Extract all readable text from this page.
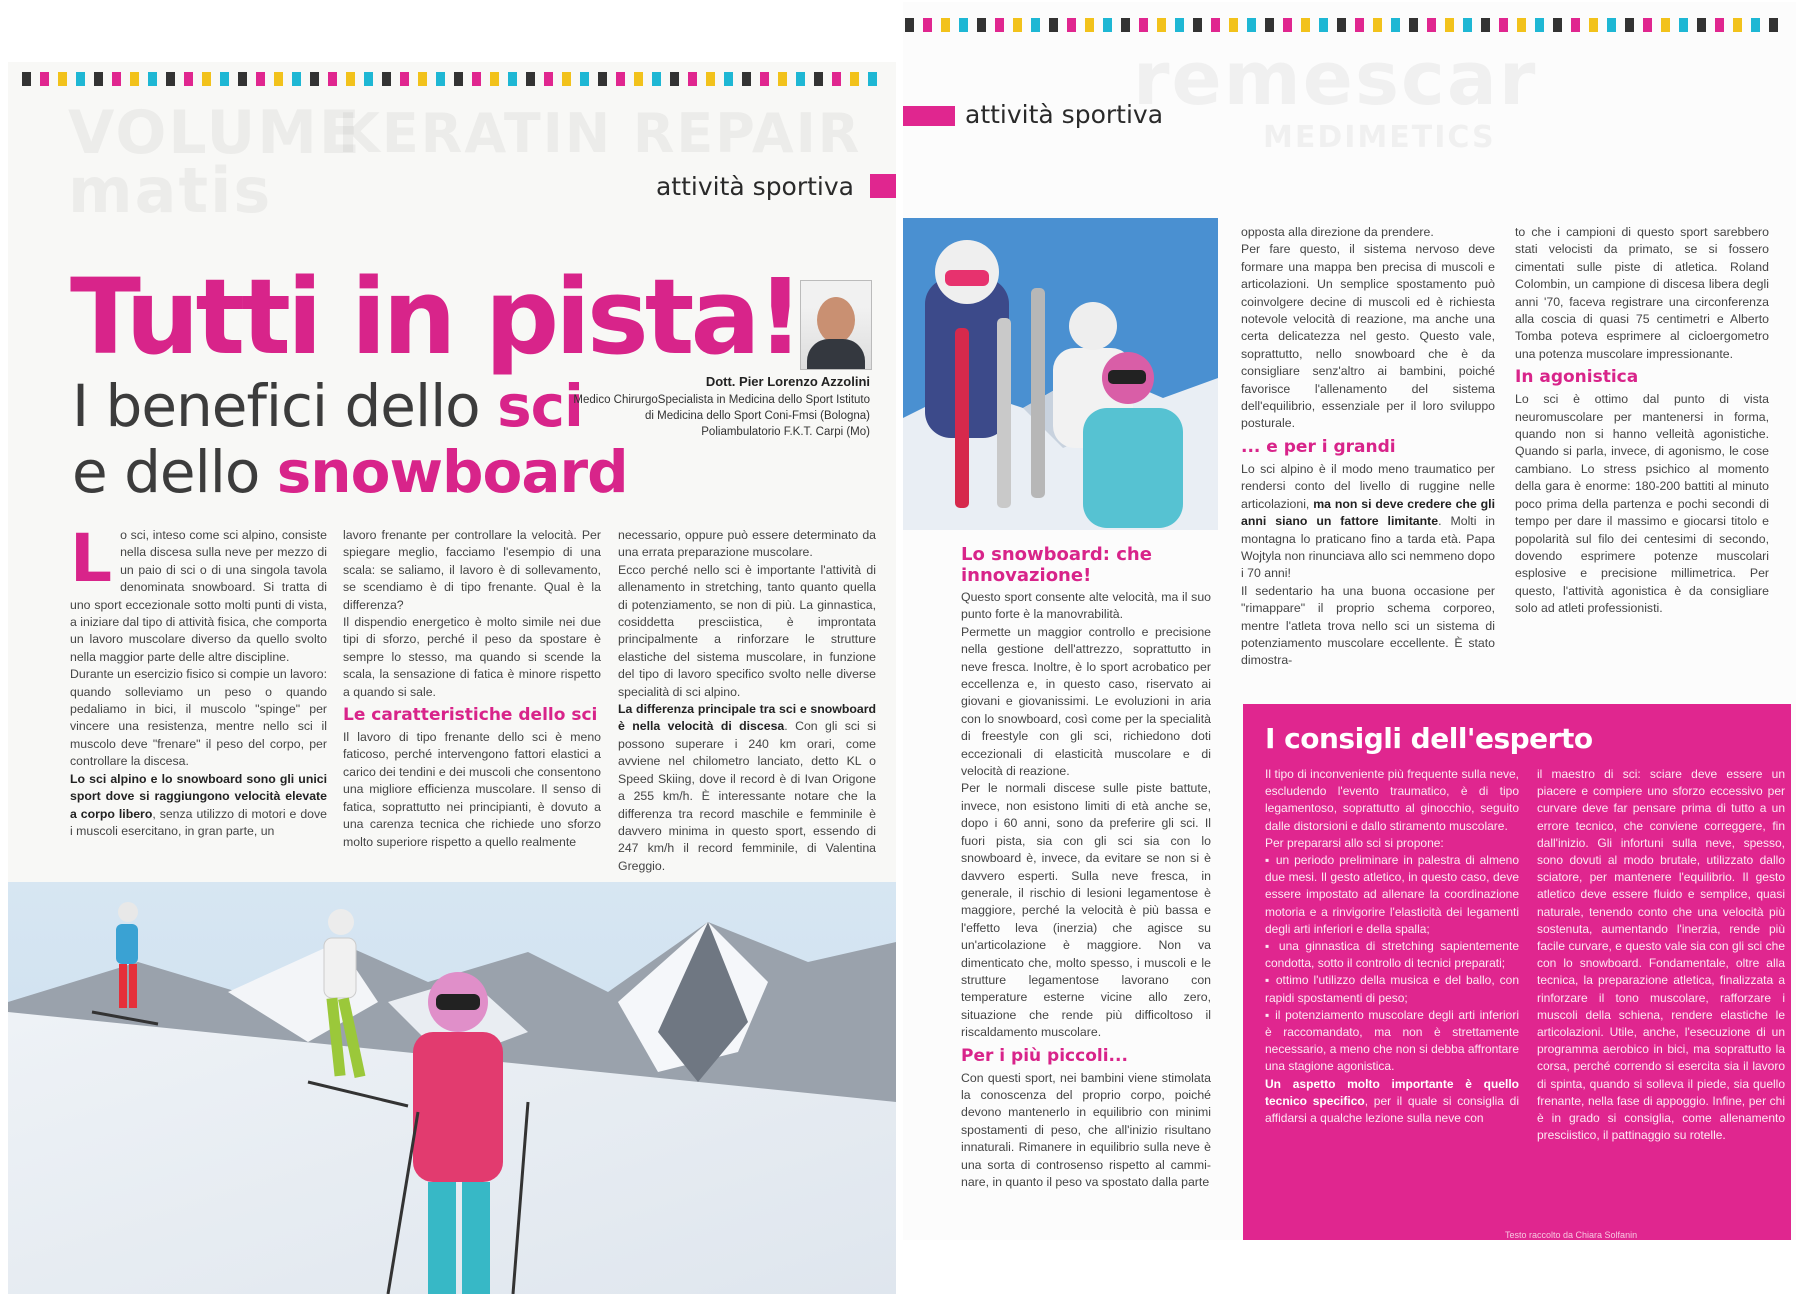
KERATIN REPAIR
VOLUME
matis	attività sportiva
Tutti in pista!
I benefici dello sci
e dello snowboard
Dott. Pier Lorenzo Azzolini
Medico ChirurgoSpecialista in Medicina dello Sport Istituto di Medicina dello Sport Coni-Fmsi (Bologna) Poliambulatorio F.K.T. Carpi (Mo)

Lo sci, inteso come sci alpino, consiste nella discesa sulla neve per mezzo di un paio di sci o di una singola tavola denominata snowboard. Si tratta di uno sport eccezionale sotto molti punti di vista, a iniziare dal tipo di attività fisica, che comporta un lavoro muscolare diverso da quello svolto nella maggior parte delle altre discipline.

Durante un esercizio fisico si compie un lavoro: quando solleviamo un peso o quando pedaliamo in bici, il muscolo "spinge" per vincere una resistenza, mentre nello sci il muscolo deve "frenare" il peso del corpo, per controllare la discesa.

Lo sci alpino e lo snowboard sono gli unici sport dove si raggiungono velocità elevate a corpo libero, senza utilizzo di motori e dove i muscoli esercitano, in gran parte, un

lavoro frenante per controllare la velocità. Per spiegare meglio, facciamo l'esempio di una scala: se saliamo, il lavoro è di sollevamento, se scendiamo è di tipo frenante. Qual è la differenza?

Il dispendio energetico è molto simile nei due tipi di sforzo, perché il peso da spostare è sempre lo stesso, ma quando si scende la scala, la sensazione di fatica è minore rispetto a quando si sale.

Le caratteristiche dello sci

Il lavoro di tipo frenante dello sci è meno faticoso, perché intervengono fattori elastici a carico dei tendini e dei muscoli che consentono una migliore efficienza muscolare. Il senso di fatica, soprattutto nei principianti, è dovuto a una carenza tecnica che richiede uno sforzo molto superiore rispetto a quello realmente

necessario, oppure può essere determinato da una errata preparazione muscolare.

Ecco perché nello sci è importante l'attività di allenamento in stretching, tanto quanto quella di potenziamento, se non di più. La ginnastica, cosiddetta presciistica, è improntata principalmente a rinforzare le strutture elastiche del sistema muscolare, in funzione del tipo di lavoro specifico svolto nelle diverse specialità di sci alpino.

La differenza principale tra sci e snowboard è nella velocità di discesa. Con gli sci si possono superare i 240 km orari, come avviene nel chilometro lanciato, detto KL o Speed Skiing, dove il record è di Ivan Origone a 255 km/h. È interessante notare che la differenza tra record maschile e femminile è davvero minima in questo sport, essendo di 247 km/h il record femminile, di Valentina Greggio.

remescar
MEDIMETICS
attività sportiva
Lo snowboard: che innovazione!

Questo sport consente alte velocità, ma il suo punto forte è la manovrabilità.

Permette un maggior controllo e precisione nella gestione dell'attrezzo, soprattutto in neve fresca. Inoltre, è lo sport acrobatico per eccellenza e, in questo caso, riservato ai giovani e giovanissimi. Le evoluzioni in aria con lo snowboard, così come per la specialità di freestyle con gli sci, richiedono doti eccezionali di elasticità muscolare e di velocità di reazione.

Per le normali discese sulle piste battute, invece, non esistono limiti di età anche se, dopo i 60 anni, sono da preferire gli sci. Il fuori pista, sia con gli sci sia con lo snowboard è, invece, da evitare se non si è davvero esperti. Sulla neve fresca, in generale, il rischio di lesioni legamentose è maggiore, perché la velocità è più bassa e l'effetto leva (inerzia) che agisce su un'articolazione è maggiore. Non va dimenticato che, molto spesso, i muscoli e le strutture legamentose lavorano con temperature esterne vicine allo zero, situazione che rende più difficoltoso il riscaldamento muscolare.

Per i più piccoli...

Con questi sport, nei bambini viene stimolata la conoscenza del proprio corpo, poiché devono mantenerlo in equilibrio con minimi spostamenti di peso, che all'inizio risultano innaturali. Rimanere in equilibrio sulla neve è una sorta di controsenso rispetto al camminare, in quanto il peso va spostato dalla parte

opposta alla direzione da prendere.

Per fare questo, il sistema nervoso deve formare una mappa ben precisa di muscoli e articolazioni. Un semplice spostamento può coinvolgere decine di muscoli ed è richiesta notevole velocità di reazione, ma anche una certa delicatezza nel gesto. Questo vale, soprattutto, nello snowboard che è da consigliare senz'altro ai bambini, poiché favorisce l'allenamento del sistema dell'equilibrio, essenziale per il loro sviluppo posturale.

... e per i grandi

Lo sci alpino è il modo meno traumatico per rendersi conto del livello di ruggine nelle articolazioni, ma non si deve credere che gli anni siano un fattore limitante. Molti in montagna lo praticano fino a tarda età. Papa Wojtyla non rinunciava allo sci nemmeno dopo i 70 anni!

Il sedentario ha una buona occasione per "rimappare" il proprio schema corporeo, mentre l'atleta trova nello sci un sistema di potenziamento muscolare eccellente. È stato dimostra-

to che i campioni di questo sport sarebbero stati velocisti da primato, se si fossero cimentati sulle piste di atletica. Roland Colombin, un campione di discesa libera degli anni '70, faceva registrare una circonferenza alla coscia di quasi 75 centimetri e Alberto Tomba poteva esprimere al cicloergometro una potenza muscolare impressionante.

In agonistica

Lo sci è ottimo dal punto di vista neuromuscolare per mantenersi in forma, quando non si hanno velleità agonistiche. Quando si parla, invece, di agonismo, le cose cambiano. Lo stress psichico al momento della gara è enorme: 180-200 battiti al minuto poco prima della partenza e pochi secondi di tempo per dare il massimo e giocarsi titolo e popolarità sul filo dei centesimi di secondo, dovendo esprimere potenze muscolari esplosive e precisione millimetrica. Per questo, l'attività agonistica è da consigliare solo ad atleti professionisti.

I consigli dell'esperto

Il tipo di inconveniente più frequente sulla neve, escludendo l'evento traumatico, è di tipo legamentoso, soprattutto al ginocchio, seguito dalle distorsioni e dallo stiramento muscolare.

Per prepararsi allo sci si propone:

▪ un periodo preliminare in palestra di almeno due mesi. Il gesto atletico, in questo caso, deve essere impostato ad allenare la coordinazione motoria e a rinvigorire l'elasticità dei legamenti degli arti inferiori e della spalla;

▪ una ginnastica di stretching sapientemente condotta, sotto il controllo di tecnici preparati;

▪ ottimo l'utilizzo della musica e del ballo, con rapidi spostamenti di peso;

▪ il potenziamento muscolare degli arti inferiori è raccomandato, ma non è strettamente necessario, a meno che non si debba affrontare una stagione agonistica.

Un aspetto molto importante è quello tecnico specifico, per il quale si consiglia di affidarsi a qualche lezione sulla neve con

il maestro di sci: sciare deve essere un piacere e compiere uno sforzo eccessivo per curvare deve far pensare prima di tutto a un errore tecnico, che conviene correggere, fin dall'inizio. Gli infortuni sulla neve, spesso, sono dovuti al modo brutale, utilizzato dallo sciatore, per mantenere l'equilibrio. Il gesto atletico deve essere fluido e semplice, quasi naturale, tenendo conto che una velocità più sostenuta, aumentando l'inerzia, rende più facile curvare, e questo vale sia con gli sci che con lo snowboard. Fondamentale, oltre alla tecnica, la preparazione atletica, finalizzata a rinforzare il tono muscolare, rafforzare i muscoli della schiena, rendere elastiche le articolazioni. Utile, anche, l'esecuzione di un programma aerobico in bici, ma soprattutto la corsa, perché correndo si esercita sia il lavoro di spinta, quando si solleva il piede, sia quello frenante, nella fase di appoggio. Infine, per chi è in grado si consiglia, come allenamento presciistico, il pattinaggio su rotelle.

Testo raccolto da Chiara Solfanin
